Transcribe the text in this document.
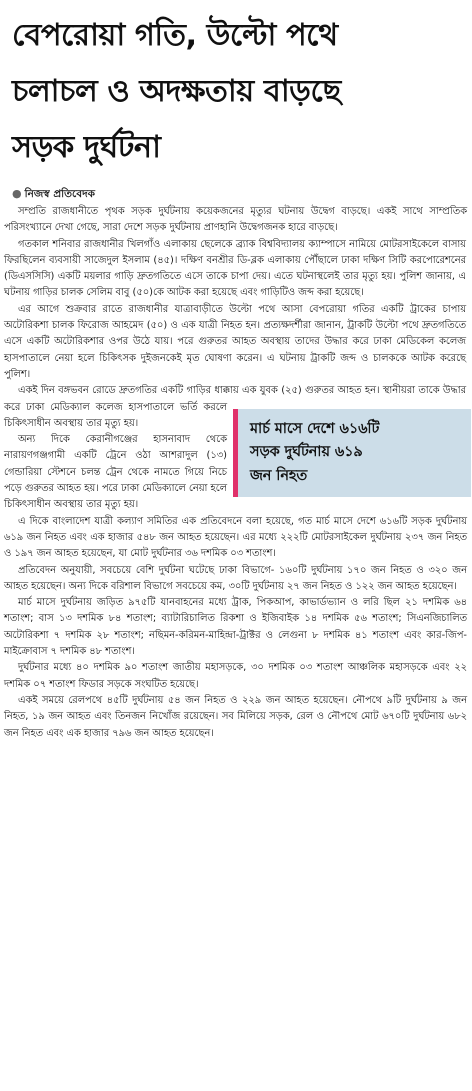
বেপরোয়া গতি, উল্টো পথে
চলাচল ও অদক্ষতায় বাড়ছে
সড়ক দুর্ঘটনা
● নিজস্ব প্রতিবেদক

সম্প্রতি রাজধানীতে পৃথক সড়ক দুর্ঘটনায় কয়েকজনের মৃত্যুর ঘটনায় উদ্বেগ বাড়ছে। একই সাথে সাম্প্রতিক পরিসংখ্যানে দেখা গেছে, সারা দেশে সড়ক দুর্ঘটনায় প্রাণহানি উদ্বেগজনক হারে বাড়ছে।

মার্চ মাসে দেশে ৬১৬টি
সড়ক দুর্ঘটনায় ৬১৯
জন নিহত

গতকাল শনিবার রাজধানীর খিলগাঁও এলাকায় ছেলেকে ব্র্যাক বিশ্ববিদ্যালয় ক্যাম্পাসে নামিয়ে মোটরসাইকেলে বাসায় ফিরছিলেন ব্যবসায়ী সাজেদুল ইসলাম (৪৫)। দক্ষিণ বনশ্রীর ডি-ব্লক এলাকায় পৌঁছালে ঢাকা দক্ষিণ সিটি করপোরেশনের (ডিএসসিসি) একটি ময়লার গাড়ি দ্রুতগতিতে এসে তাকে চাপা দেয়। এতে ঘটনাস্থলেই তার মৃত্যু হয়। পুলিশ জানায়, এ ঘটনায় গাড়ির চালক সেলিম বাবু (৫০)কে আটক করা হয়েছে এবং গাড়িটিও জব্দ করা হয়েছে।

এর আগে শুক্রবার রাতে রাজধানীর যাত্রাবাড়ীতে উল্টো পথে আসা বেপরোয়া গতির একটি ট্রাকের চাপায় অটোরিকশা চালক ফিরোজ আহমেদ (৫০) ও এক যাত্রী নিহত হন। প্রত্যক্ষদর্শীরা জানান, ট্রাকটি উল্টো পথে দ্রুতগতিতে এসে একটি অটোরিকশার ওপর উঠে যায়। পরে গুরুতর আহত অবস্থায় তাদের উদ্ধার করে ঢাকা মেডিকেল কলেজ হাসপাতালে নেয়া হলে চিকিৎসক দুইজনকেই মৃত ঘোষণা করেন। এ ঘটনায় ট্রাকটি জব্দ ও চালককে আটক করেছে পুলিশ।

একই দিন বঙ্গভবন রোডে দ্রুতগতির একটি গাড়ির ধাক্কায় এক যুবক (২৫) গুরুতর আহত হন। স্থানীয়রা তাকে উদ্ধার করে ঢাকা মেডিক্যাল কলেজ হাসপাতালে ভর্তি করলে চিকিৎসাধীন অবস্থায় তার মৃত্যু হয়।

অন্য দিকে কেরানীগঞ্জের হাসনাবাদ থেকে নারায়ণগঞ্জগামী একটি ট্রেনে ওঠা আশরাদুল (১৩) গেন্ডারিয়া স্টেশনে চলন্ত ট্রেন থেকে নামতে গিয়ে নিচে পড়ে গুরুতর আহত হয়। পরে ঢাকা মেডিক্যালে নেয়া হলে চিকিৎসাধীন অবস্থায় তার মৃত্যু হয়।

এ দিকে বাংলাদেশ যাত্রী কল্যাণ সমিতির এক প্রতিবেদনে বলা হয়েছে, গত মার্চ মাসে দেশে ৬১৬টি সড়ক দুর্ঘটনায় ৬১৯ জন নিহত এবং এক হাজার ৫৪৮ জন আহত হয়েছেন। এর মধ্যে ২২২টি মোটরসাইকেল দুর্ঘটনায় ২৩৭ জন নিহত ও ১৯৭ জন আহত হয়েছেন, যা মোট দুর্ঘটনার ৩৬ দশমিক ০৩ শতাংশ।

প্রতিবেদন অনুযায়ী, সবচেয়ে বেশি দুর্ঘটনা ঘটেছে ঢাকা বিভাগে- ১৬০টি দুর্ঘটনায় ১৭০ জন নিহত ও ৩২০ জন আহত হয়েছেন। অন্য দিকে বরিশাল বিভাগে সবচেয়ে কম, ৩০টি দুর্ঘটনায় ২৭ জন নিহত ও ১২২ জন আহত হয়েছেন।

মার্চ মাসে দুর্ঘটনায় জড়িত ৯৭৫টি যানবাহনের মধ্যে ট্রাক, পিকআপ, কাভার্ডভ্যান ও লরি ছিল ২১ দশমিক ৬৪ শতাংশ; বাস ১৩ দশমিক ৮৪ শতাংশ; ব্যাটারিচালিত রিকশা ও ইজিবাইক ১৪ দশমিক ৫৬ শতাংশ; সিএনজিচালিত অটোরিকশা ৭ দশমিক ২৮ শতাংশ; নছিমন-করিমন-মাহিন্দ্রা-ট্রাক্টর ও লেগুনা ৮ দশমিক ৪১ শতাংশ এবং কার-জিপ-মাইক্রোবাস ৭ দশমিক ৪৮ শতাংশ।

দুর্ঘটনার মধ্যে ৪০ দশমিক ৯০ শতাংশ জাতীয় মহাসড়কে, ৩০ দশমিক ০৩ শতাংশ আঞ্চলিক মহাসড়কে এবং ২২ দশমিক ০৭ শতাংশ ফিডার সড়কে সংঘটিত হয়েছে।

একই সময়ে রেলপথে ৪৫টি দুর্ঘটনায় ৫৪ জন নিহত ও ২২৯ জন আহত হয়েছেন। নৌপথে ৯টি দুর্ঘটনায় ৯ জন নিহত, ১৯ জন আহত এবং তিনজন নিখোঁজ রয়েছেন। সব মিলিয়ে সড়ক, রেল ও নৌপথে মোট ৬৭০টি দুর্ঘটনায় ৬৮২ জন নিহত এবং এক হাজার ৭৯৬ জন আহত হয়েছেন।
